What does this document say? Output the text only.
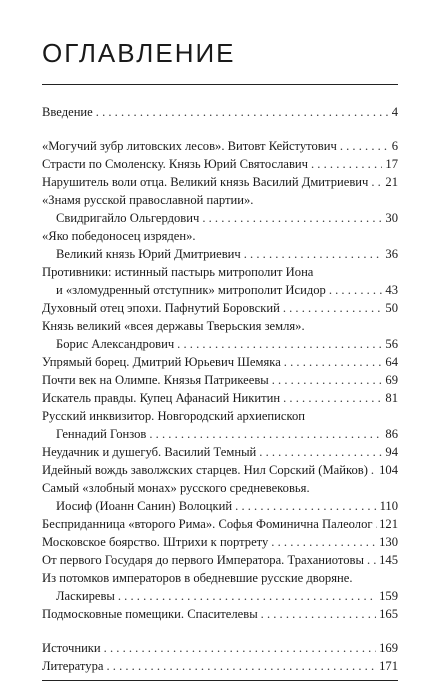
ОГЛАВЛЕНИЕ
Введение . . .	4
«Могучий зубр литовских лесов». Витовт Кейстутович . . .	6
Страсти по Смоленску. Князь Юрий Святославич . . .	17
Нарушитель воли отца. Великий князь Василий Дмитриевич . . . 21
«Знамя русской православной партии».
Свидригайло Ольгердович . . .	30
«Яко победоносец изряден».
Великий князь Юрий Дмитриевич . . .	36
Противники: истинный пастырь митрополит Иона
и «зломудренный отступник» митрополит Исидор . . .	43
Духовный отец эпохи. Пафнутий Боровский . . .	50
Князь великий «всея державы Тверьския земля».
Борис Александрович . . .	56
Упрямый борец. Дмитрий Юрьевич Шемяка . . .	64
Почти век на Олимпе. Князья Патрикеевы . . .	69
Искатель правды. Купец Афанасий Никитин . . .	81
Русский инквизитор. Новгородский архиепископ
Геннадий Гонзов . . .	86
Неудачник и душегуб. Василий Темный . . .	94
Идейный вождь заволжских старцев. Нил Сорский (Майков) . . . 104
Самый «злобный монах» русского средневековья.
Иосиф (Иоанн Санин) Волоцкий . . .	110
Бесприданница «второго Рима». Софья Фоминична Палеолог . . . 121
Московское боярство. Штрихи к портрету . . .	130
От первого Государя до первого Императора. Траханиотовы . . . 145
Из потомков императоров в обедневшие русские дворяне.
Ласкиревы . . .	159
Подмосковные помещики. Спасителевы . . .	165
Источники . . .	169
Литература . . .	171
